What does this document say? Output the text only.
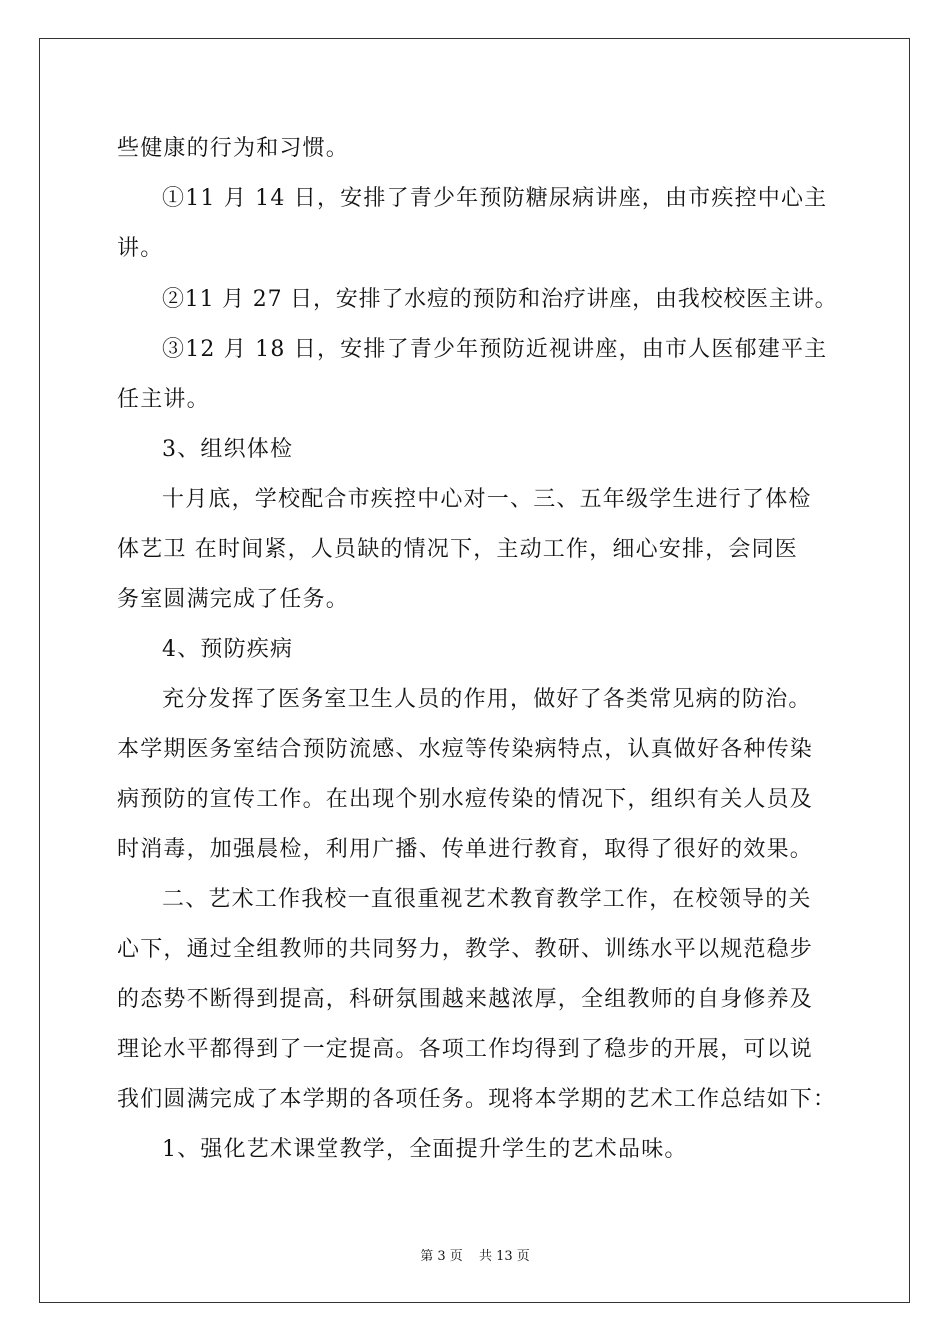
些健康的行为和习惯。
①11 月 14 日，安排了青少年预防糖尿病讲座，由市疾控中心主
讲。
②11 月 27 日，安排了水痘的预防和治疗讲座，由我校校医主讲。
③12 月 18 日，安排了青少年预防近视讲座，由市人医郁建平主
任主讲。
3、组织体检
十月底，学校配合市疾控中心对一、三、五年级学生进行了体检
体艺卫 在时间紧，人员缺的情况下，主动工作，细心安排，会同医
务室圆满完成了任务。
4、预防疾病
充分发挥了医务室卫生人员的作用，做好了各类常见病的防治。
本学期医务室结合预防流感、水痘等传染病特点，认真做好各种传染
病预防的宣传工作。在出现个别水痘传染的情况下，组织有关人员及
时消毒，加强晨检，利用广播、传单进行教育，取得了很好的效果。
二、艺术工作我校一直很重视艺术教育教学工作，在校领导的关
心下，通过全组教师的共同努力，教学、教研、训练水平以规范稳步
的态势不断得到提高，科研氛围越来越浓厚，全组教师的自身修养及
理论水平都得到了一定提高。各项工作均得到了稳步的开展，可以说
我们圆满完成了本学期的各项任务。现将本学期的艺术工作总结如下：
1、强化艺术课堂教学，全面提升学生的艺术品味。
第 3 页 共 13 页
